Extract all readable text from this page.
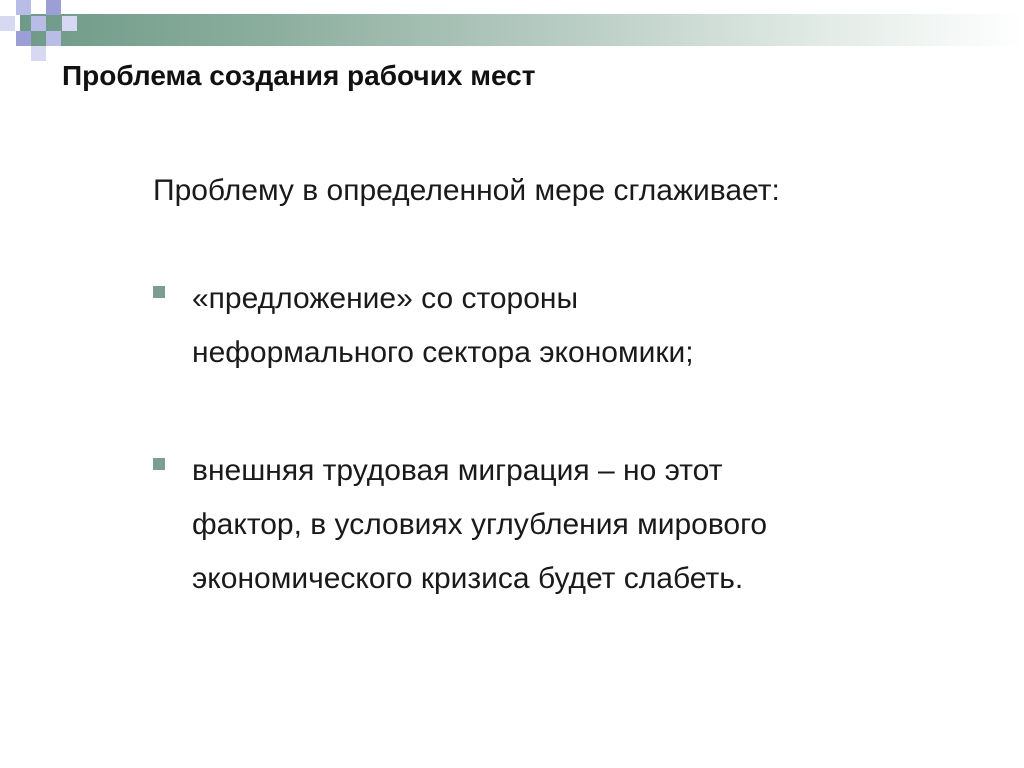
Проблема создания рабочих мест
Проблему в определенной мере сглаживает:
«предложение» со стороны
неформального сектора экономики;
внешняя трудовая миграция – но этот
фактор, в условиях углубления мирового
экономического кризиса будет слабеть.
